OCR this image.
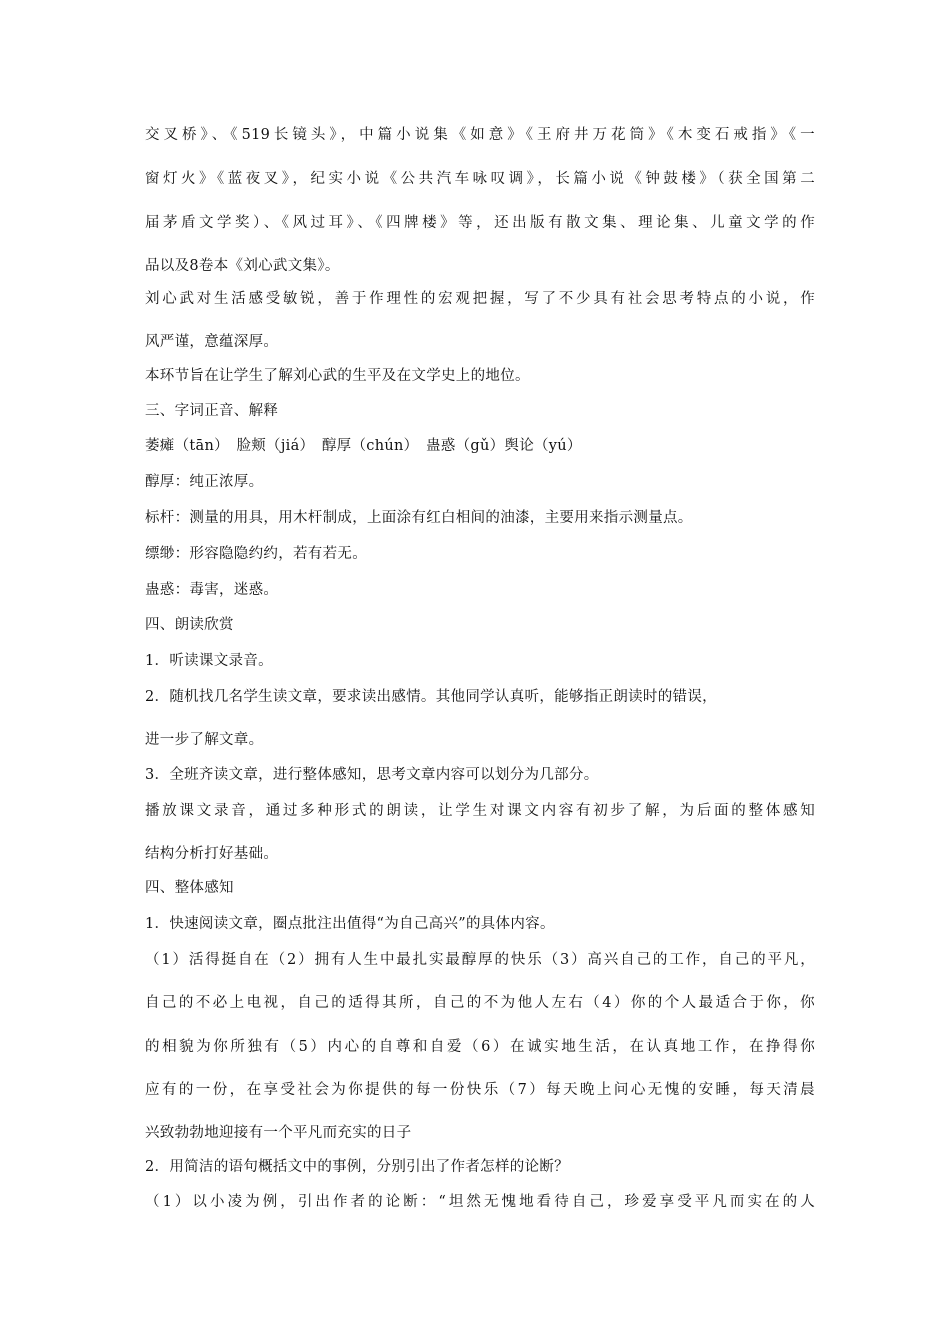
交叉桥》、《519长镜头》，中篇小说集《如意》《王府井万花筒》《木变石戒指》《一
窗灯火》《蓝夜叉》，纪实小说《公共汽车咏叹调》，长篇小说《钟鼓楼》（获全国第二
届茅盾文学奖）、《风过耳》、《四牌楼》等，还出版有散文集、理论集、儿童文学的作
品以及8卷本《刘心武文集》。
刘心武对生活感受敏锐，善于作理性的宏观把握，写了不少具有社会思考特点的小说，作
风严谨，意蕴深厚。
本环节旨在让学生了解刘心武的生平及在文学史上的地位。
三、字词正音、解释
萎瘫（tān）　脸颊（jiá）　醇厚（chún）　蛊惑（gǔ）舆论（yú）
醇厚：纯正浓厚。
标杆：测量的用具，用木杆制成，上面涂有红白相间的油漆，主要用来指示测量点。
缥缈：形容隐隐约约，若有若无。
蛊惑：毒害，迷惑。
四、朗读欣赏
1．听读课文录音。
2．随机找几名学生读文章，要求读出感情。其他同学认真听，能够指正朗读时的错误，
进一步了解文章。
3．全班齐读文章，进行整体感知，思考文章内容可以划分为几部分。
播放课文录音，通过多种形式的朗读，让学生对课文内容有初步了解，为后面的整体感知
结构分析打好基础。
四、整体感知
1．快速阅读文章，圈点批注出值得“为自己高兴”的具体内容。
（1）活得挺自在（2）拥有人生中最扎实最醇厚的快乐（3）高兴自己的工作，自己的平凡，
自己的不必上电视，自己的适得其所，自己的不为他人左右（4）你的个人最适合于你，你
的相貌为你所独有（5）内心的自尊和自爱（6）在诚实地生活，在认真地工作，在挣得你
应有的一份，在享受社会为你提供的每一份快乐（7）每天晚上问心无愧的安睡，每天清晨
兴致勃勃地迎接有一个平凡而充实的日子
2．用简洁的语句概括文中的事例，分别引出了作者怎样的论断？
（1）以小凌为例，引出作者的论断：“坦然无愧地看待自己，珍爱享受平凡而实在的人
